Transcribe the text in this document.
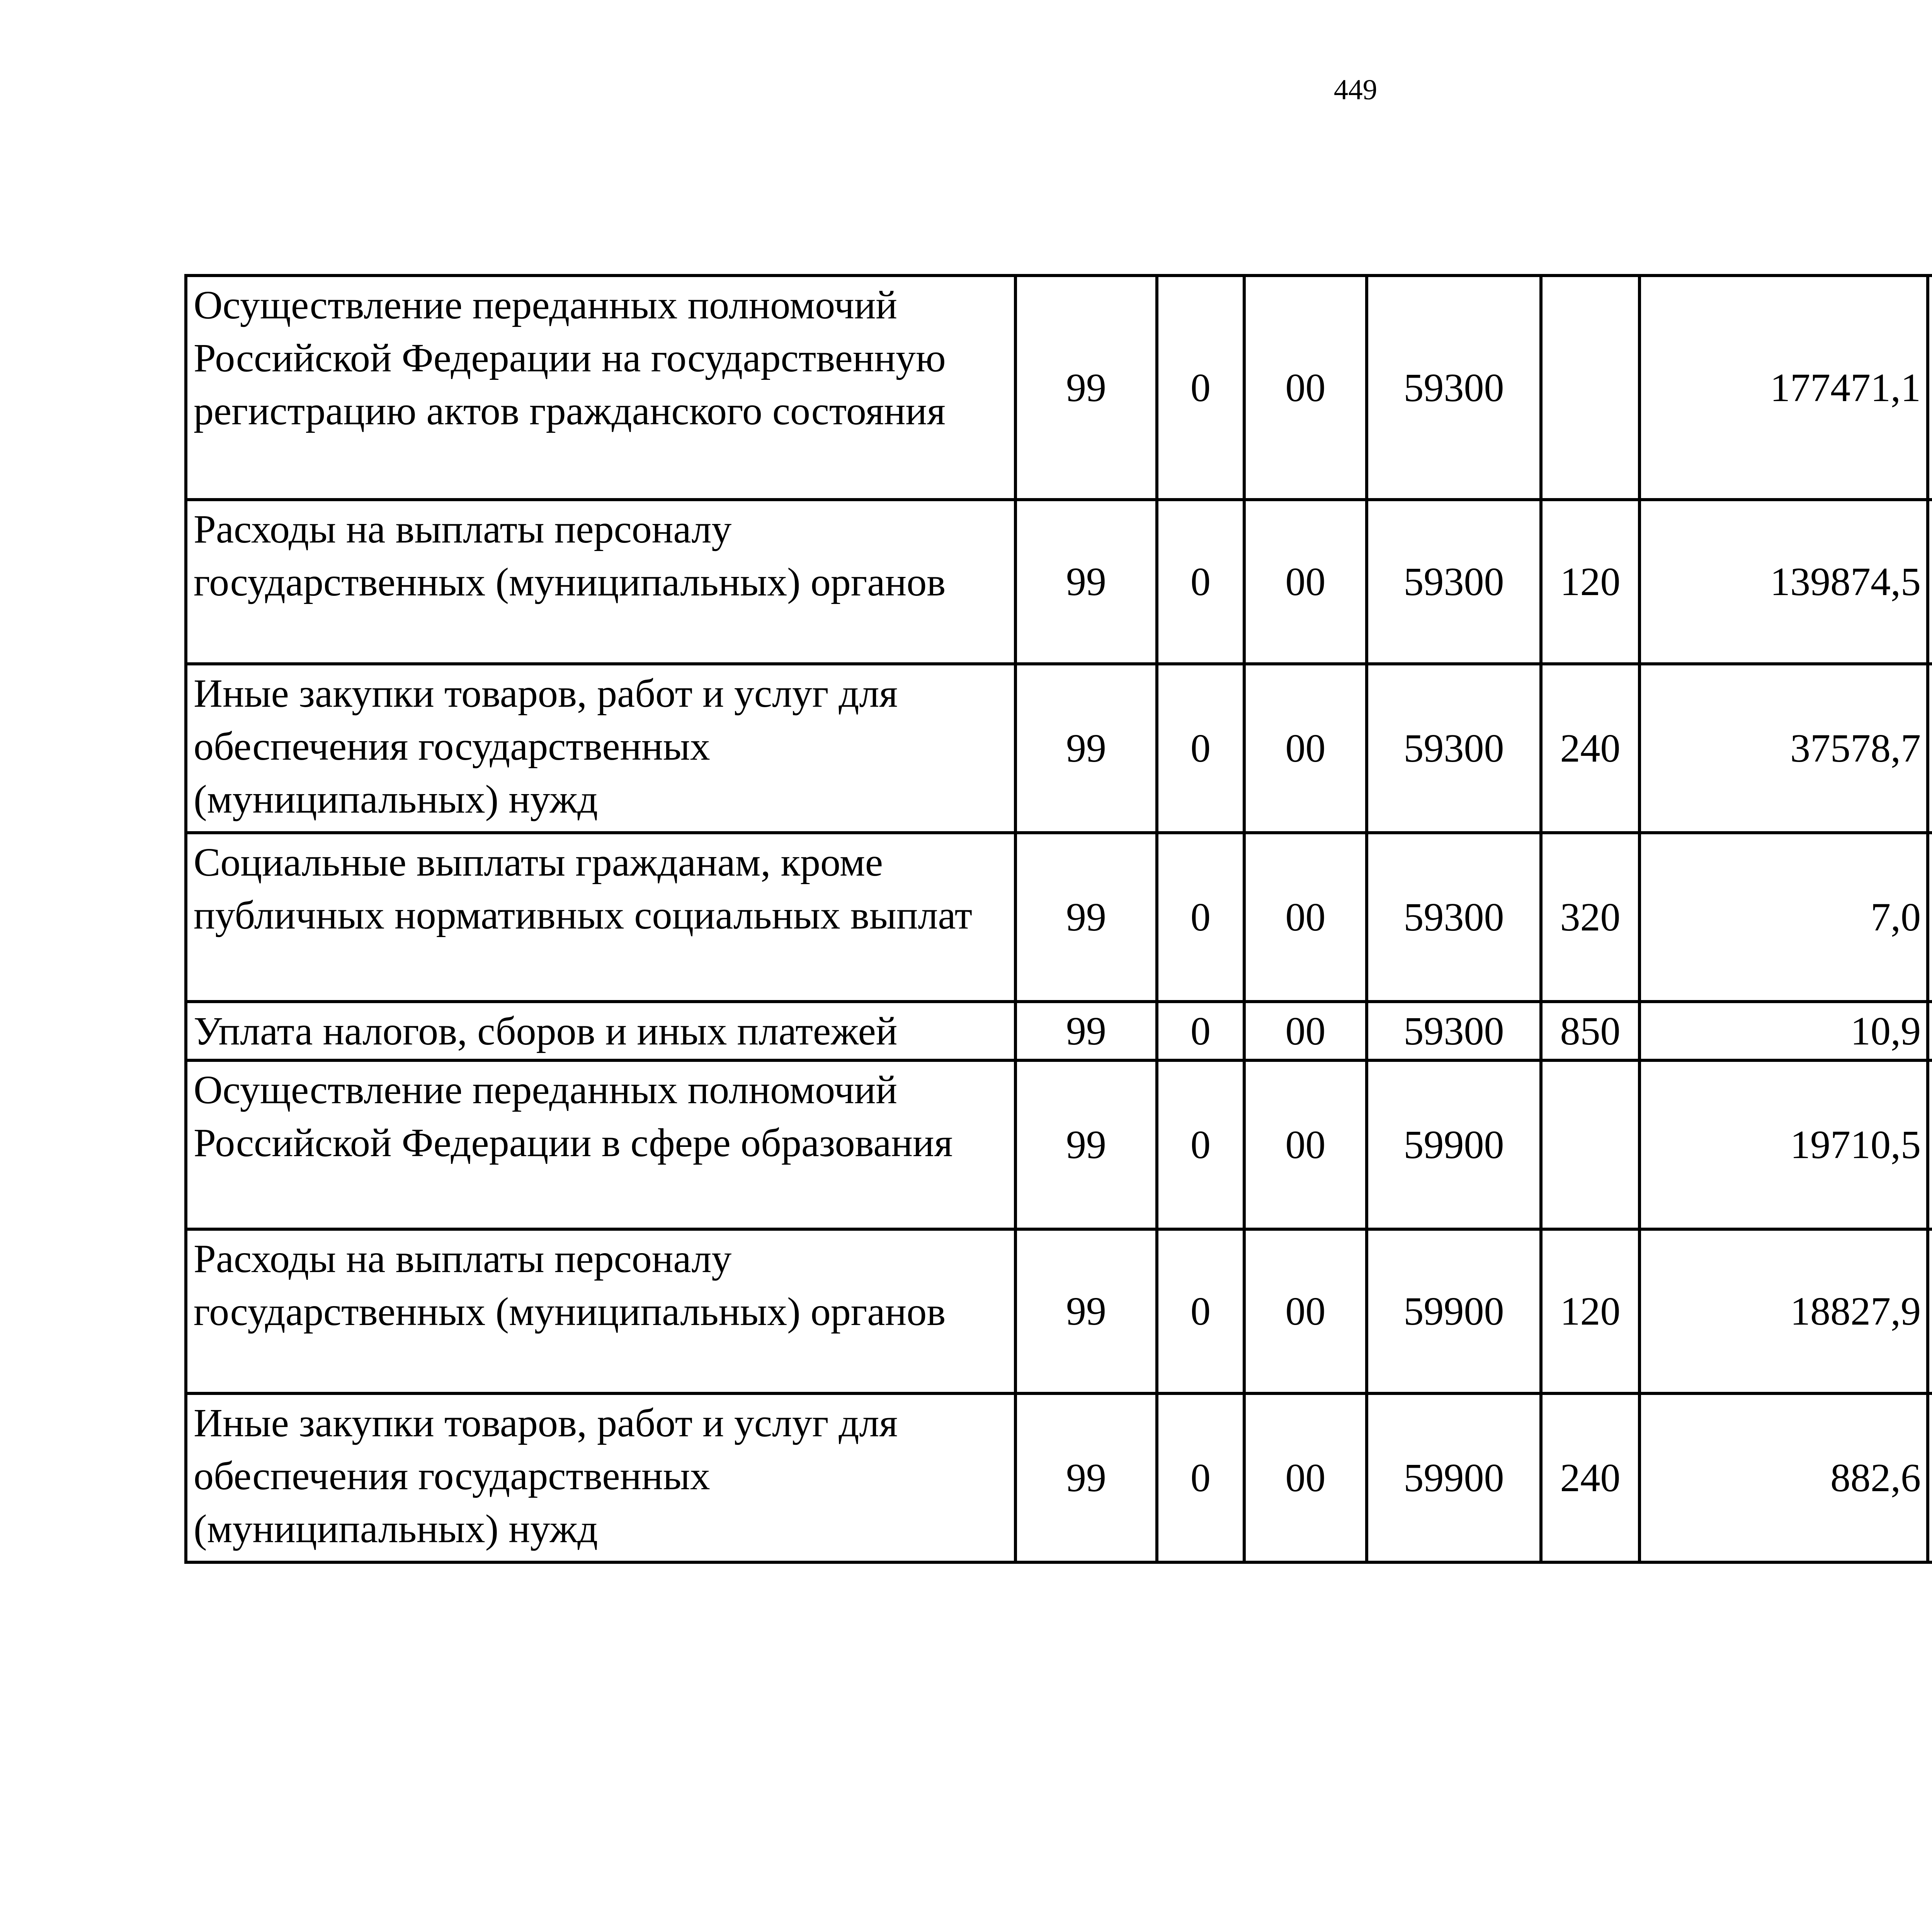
449
Осуществление переданных полномочий Российской Федерации на государственную регистрацию актов гражданского состояния	99	0	00	59300		177471,1		
Расходы на выплаты персоналу государственных (муниципальных) органов	99	0	00	59300	120	139874,5		
Иные закупки товаров, работ и услуг для обеспечения государственных (муниципальных) нужд	99	0	00	59300	240	37578,7		
Социальные выплаты гражданам, кроме публичных нормативных социальных выплат	99	0	00	59300	320	7,0		
Уплата налогов, сборов и иных платежей	99	0	00	59300	850	10,9		
Осуществление переданных полномочий Российской Федерации в сфере образования	99	0	00	59900		19710,5		
Расходы на выплаты персоналу государственных (муниципальных) органов	99	0	00	59900	120	18827,9		
Иные закупки товаров, работ и услуг для обеспечения государственных (муниципальных) нужд	99	0	00	59900	240	882,6		
